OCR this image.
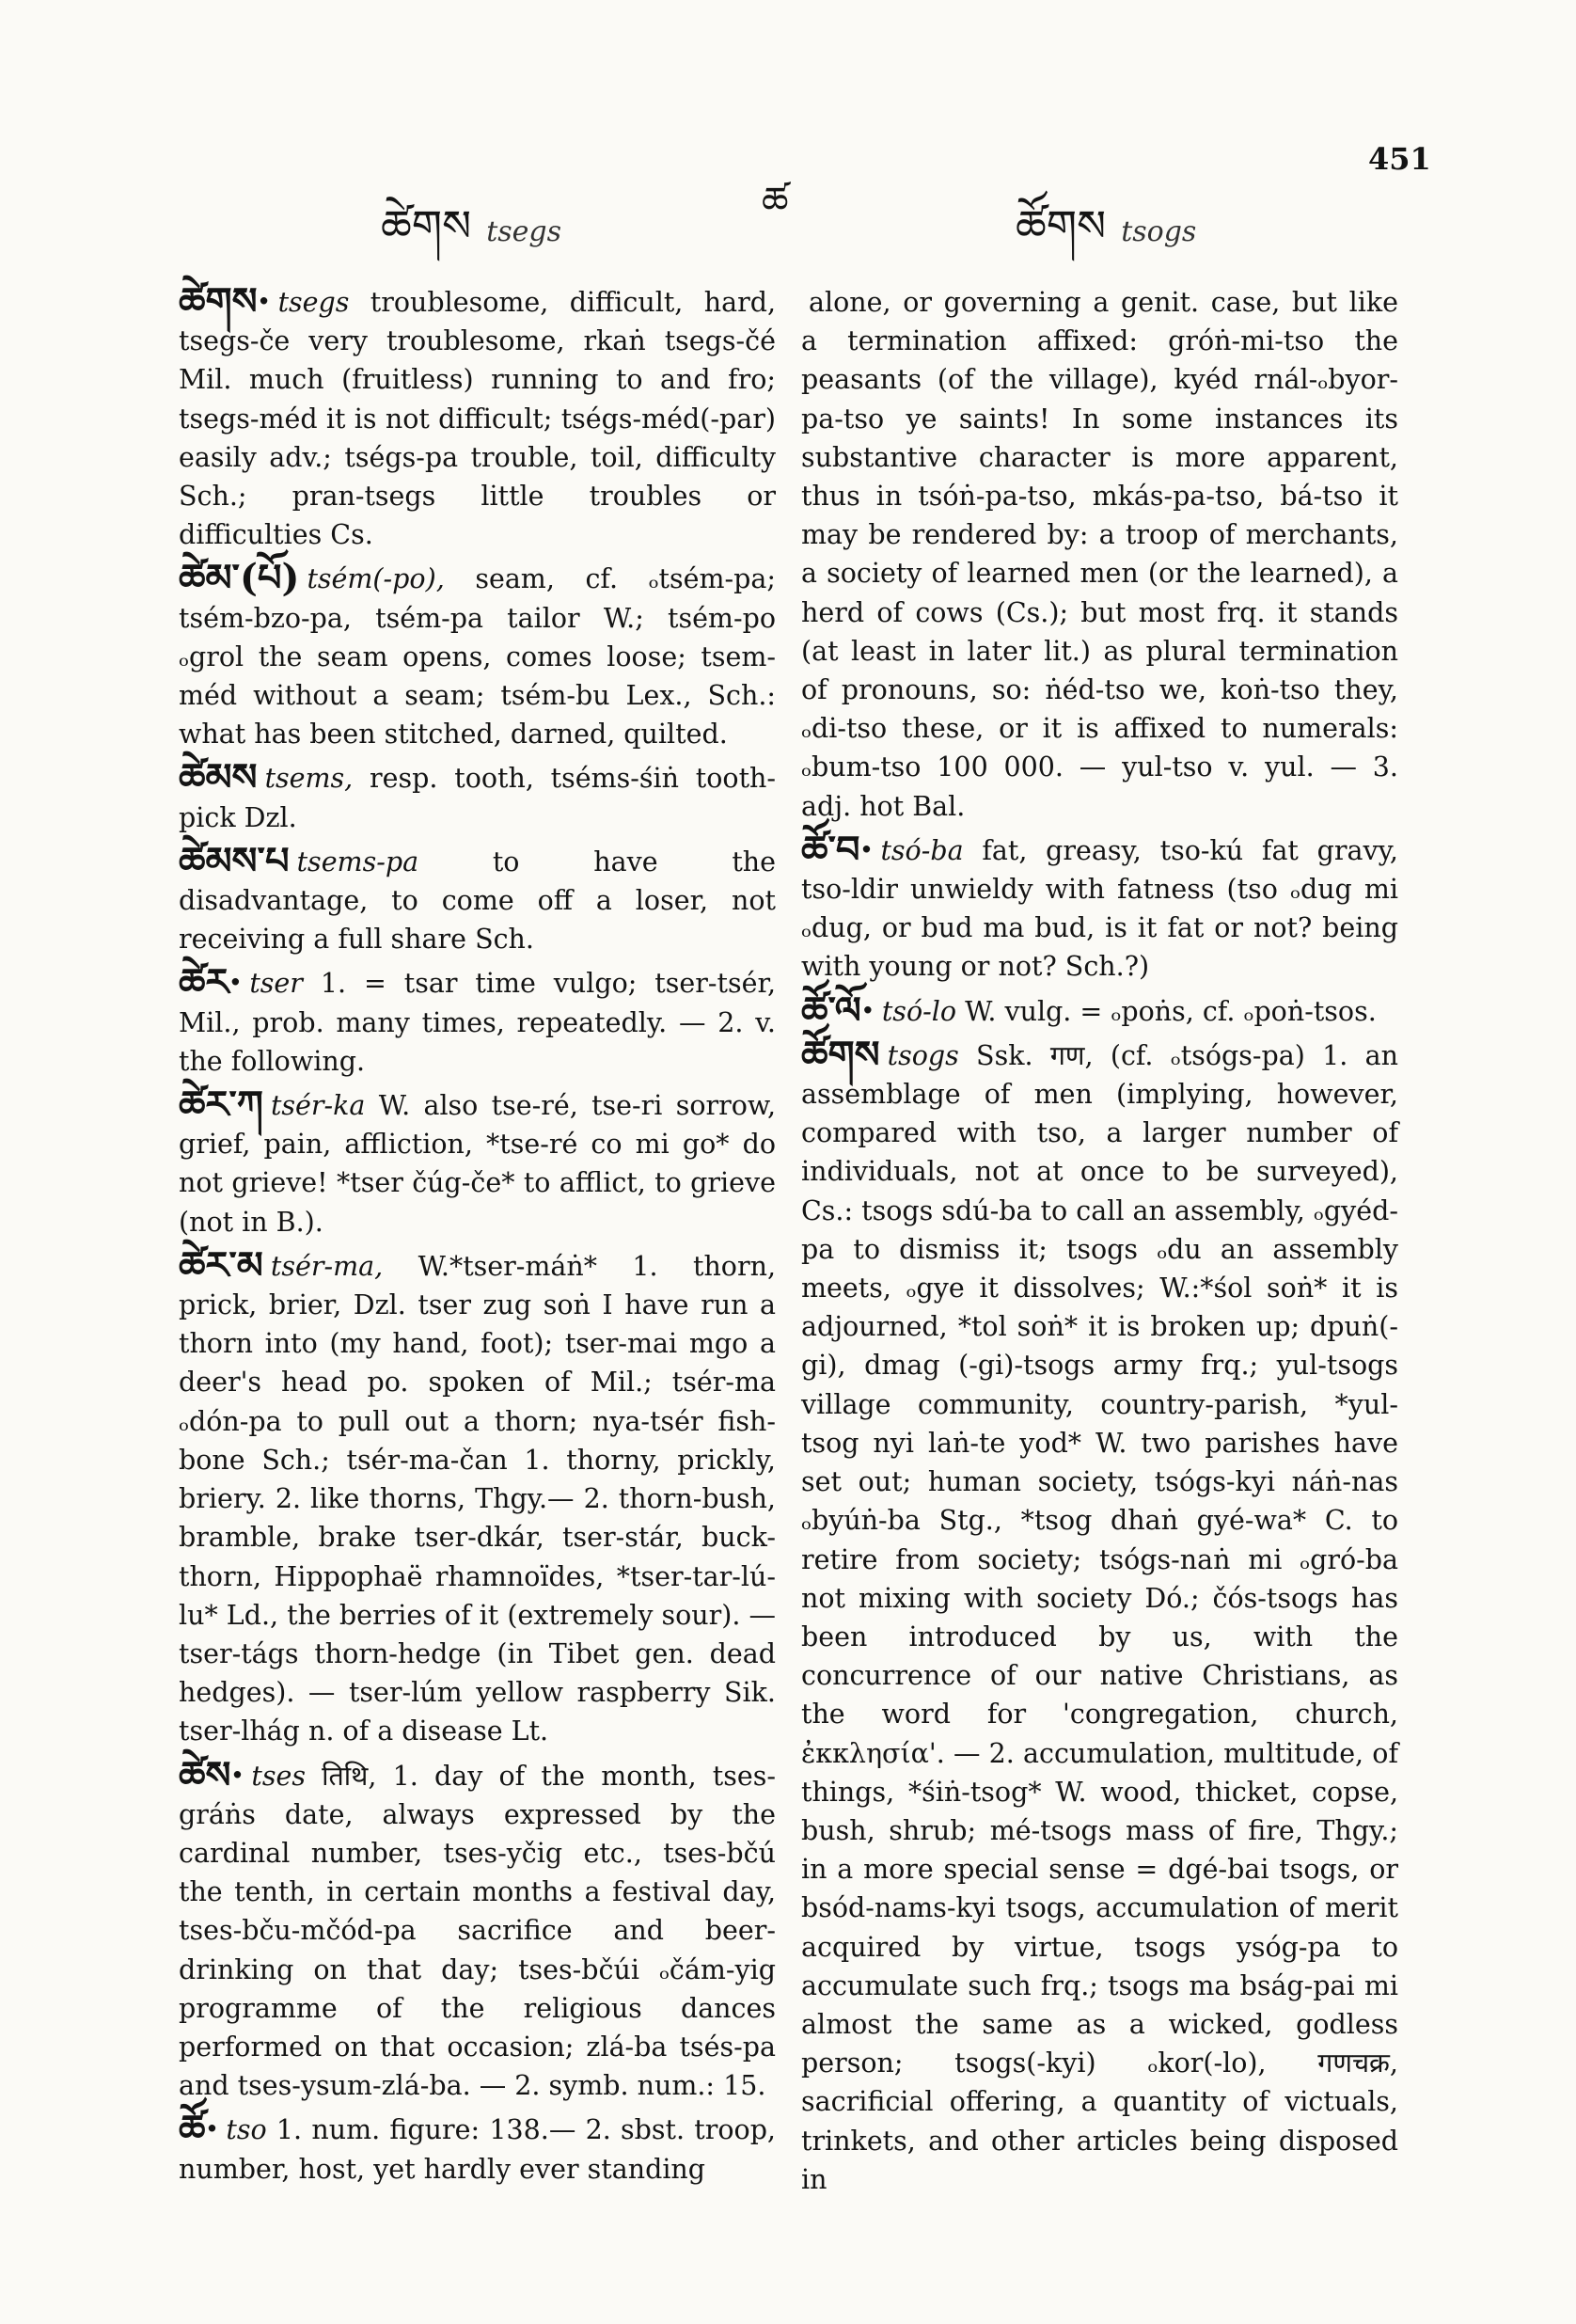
451
ཚ
ཚེགས tsegs	ཚོགས tsogs

ཚེགས· tsegs troublesome, difficult, hard, tsegs-če very troublesome, rkaṅ tsegs-čé Mil. much (fruitless) running to and fro; tsegs-méd it is not difficult; tségs-méd(-par) easily adv.; tségs-pa trouble, toil, difficulty Sch.; pran-tsegs little troubles or difficulties Cs.

ཚེམ་(པོ) tsém(-po), seam, cf. ₒtsém-pa; tsém-bzo-pa, tsém-pa tailor W.; tsém-po ₒgrol the seam opens, comes loose; tsem-méd without a seam; tsém-bu Lex., Sch.: what has been stitched, darned, quilted.

ཚེམས tsems, resp. tooth, tséms-śiṅ tooth-pick Dzl.

ཚེམས་པ tsems-pa	to have the disadvantage, to come off a loser, not receiving a full share Sch.

ཚེར· tser 1. = tsar time vulgo; tser-tsér, Mil., prob. many times, repeatedly. — 2. v. the following.

ཚེར་ཀ tsér-ka W. also tse-ré, tse-ri sorrow, grief, pain, affliction, *tse-ré co mi go* do not grieve! *tser čúg-če* to afflict, to grieve (not in B.).

ཚེར་མ tsér-ma, W.*tser-máṅ* 1. thorn, prick, brier, Dzl. tser zug soṅ I have run a thorn into (my hand, foot); tser-mai mgo a deer's head po. spoken of Mil.; tsér-ma ₒdón-pa to pull out a thorn; nya-tsér fish-bone Sch.; tsér-ma-čan 1. thorny, prickly, briery. 2. like thorns, Thgy.— 2. thorn-bush, bramble, brake tser-dkár, tser-stár, buck-thorn, Hippophaë rhamnoïdes, *tser-tar-lú-lu* Ld., the berries of it (extremely sour). — tser-tágs thorn-hedge (in Tibet gen. dead hedges). — tser-lúm yellow raspberry Sik. tser-lhág n. of a disease Lt.

ཚེས· tses तिथि, 1. day of the month, tses-gráṅs date, always expressed by the cardinal number, tses-yčig etc., tses-bčú the tenth, in certain months a festival day, tses-bču-mčód-pa sacrifice and beer-drinking on that day; tses-bčúi ₒčám-yig programme of the religious dances performed on that occasion; zlá-ba tsés-pa and tses-ysum-zlá-ba. — 2. symb. num.: 15.

ཚོ· tso 1. num. figure: 138.— 2. sbst. troop, number, host, yet hardly ever standing

alone, or governing a genit. case, but like a termination affixed: gróṅ-mi-tso the peasants (of the village), kyéd rnál-ₒbyor-pa-tso ye saints! In some instances its substantive character is more apparent, thus in tsóṅ-pa-tso, mkás-pa-tso, bá-tso it may be rendered by: a troop of merchants, a society of learned men (or the learned), a herd of cows (Cs.); but most frq. it stands (at least in later lit.) as plural termination of pronouns, so: ṅéd-tso we, koṅ-tso they, ₒdi-tso these, or it is affixed to numerals: ₒbum-tso 100 000. — yul-tso v. yul. — 3. adj. hot Bal.

ཚོ་བ· tsó-ba fat, greasy, tso-kú fat gravy, tso-ldir unwieldy with fatness (tso ₒdug mi ₒdug, or bud ma bud, is it fat or not? being with young or not? Sch.?)

ཚོ་ལོ· tsó-lo W. vulg. = ₒpoṅs, cf. ₒpoṅ-tsos.

ཚོགས tsogs Ssk. गण, (cf. ₒtsógs-pa) 1. an assemblage of men (implying, however, compared with tso, a larger number of individuals, not at once to be surveyed), Cs.: tsogs sdú-ba to call an assembly, ₒgyéd-pa to dismiss it; tsogs ₒdu an assembly meets, ₒgye it dissolves; W.:*śol soṅ* it is adjourned, *tol soṅ* it is broken up; dpuṅ(-gi), dmag (-gi)-tsogs army frq.; yul-tsogs village community, country-parish, *yul-tsog nyi laṅ-te yod* W. two parishes have set out; human society, tsógs-kyi náṅ-nas ₒbyúṅ-ba Stg., *tsog dhaṅ gyé-wa* C. to retire from society; tsógs-naṅ mi ₒgró-ba not mixing with society Dó.; čós-tsogs has been introduced by us, with the concurrence of our native Christians, as the word for 'congregation, church, ἐκκλησία'. — 2. accumulation, multitude, of things, *śiṅ-tsog* W. wood, thicket, copse, bush, shrub; mé-tsogs mass of fire, Thgy.; in a more special sense = dgé-bai tsogs, or bsód-nams-kyi tsogs, accumulation of merit acquired by virtue, tsogs ysóg-pa to accumulate such frq.; tsogs ma bság-pai mi almost the same as a wicked, godless person; tsogs(-kyi) ₒkor(-lo), गणचक्र, sacrificial offering, a quantity of victuals, trinkets, and other articles being disposed in
